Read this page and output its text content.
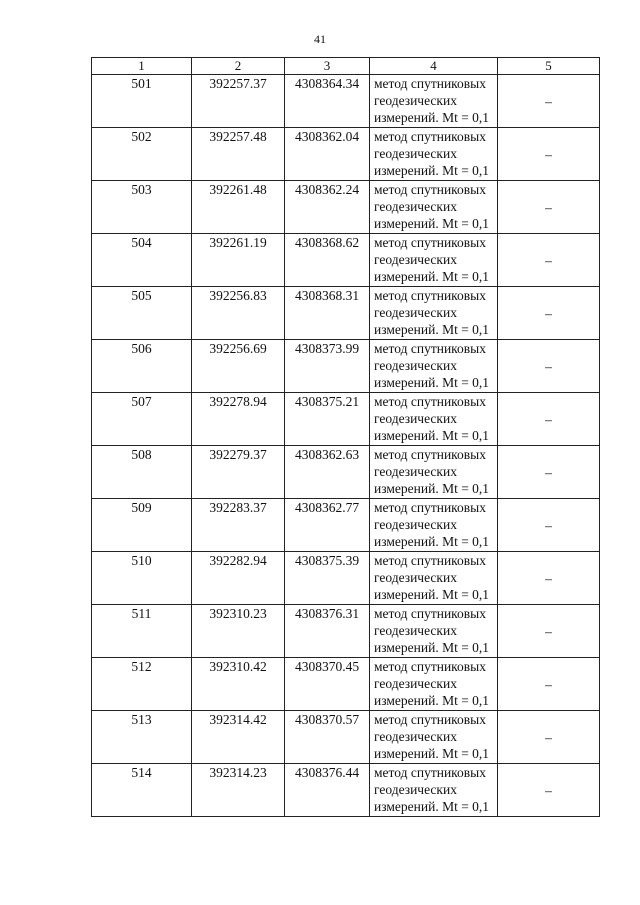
41
1	2	3	4	5
501	392257.37	4308364.34	метод спутниковых
геодезических
измерений. Mt = 0,1	–
502	392257.48	4308362.04	метод спутниковых
геодезических
измерений. Mt = 0,1	–
503	392261.48	4308362.24	метод спутниковых
геодезических
измерений. Mt = 0,1	–
504	392261.19	4308368.62	метод спутниковых
геодезических
измерений. Mt = 0,1	–
505	392256.83	4308368.31	метод спутниковых
геодезических
измерений. Mt = 0,1	–
506	392256.69	4308373.99	метод спутниковых
геодезических
измерений. Mt = 0,1	–
507	392278.94	4308375.21	метод спутниковых
геодезических
измерений. Mt = 0,1	–
508	392279.37	4308362.63	метод спутниковых
геодезических
измерений. Mt = 0,1	–
509	392283.37	4308362.77	метод спутниковых
геодезических
измерений. Mt = 0,1	–
510	392282.94	4308375.39	метод спутниковых
геодезических
измерений. Mt = 0,1	–
511	392310.23	4308376.31	метод спутниковых
геодезических
измерений. Mt = 0,1	–
512	392310.42	4308370.45	метод спутниковых
геодезических
измерений. Mt = 0,1	–
513	392314.42	4308370.57	метод спутниковых
геодезических
измерений. Mt = 0,1	–
514	392314.23	4308376.44	метод спутниковых
геодезических
измерений. Mt = 0,1	–
